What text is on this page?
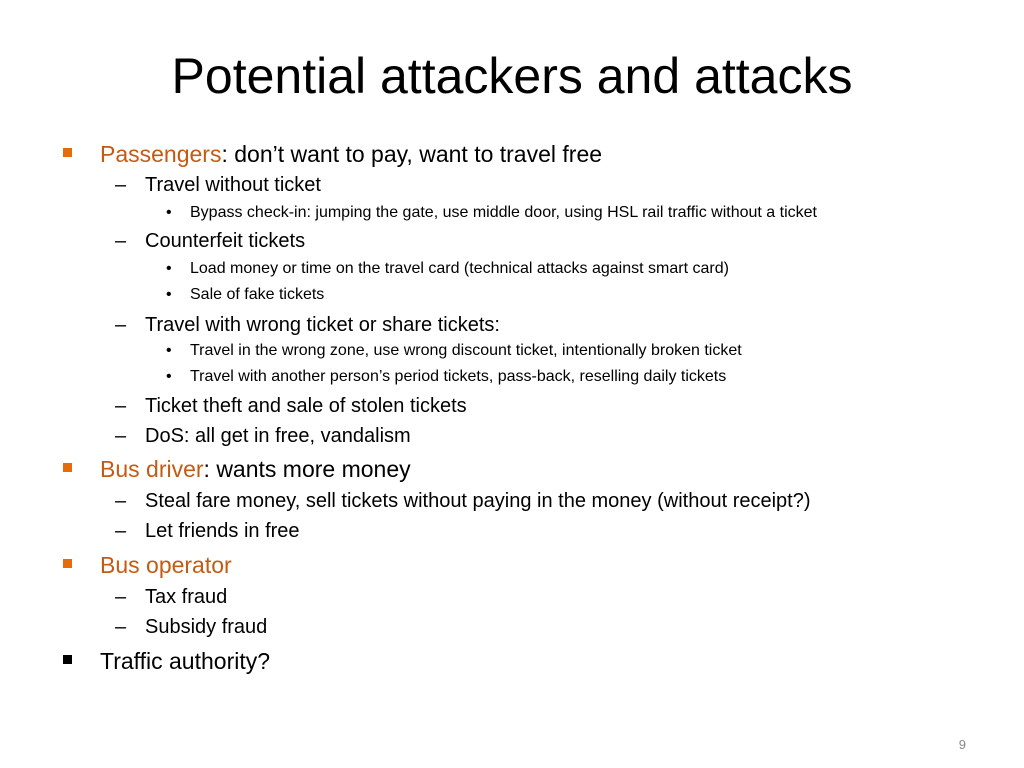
Potential attackers and attacks
Passengers: don’t want to pay, want to travel free
– Travel without ticket
• Bypass check-in: jumping the gate, use middle door, using HSL rail traffic without a ticket
– Counterfeit tickets
• Load money or time on the travel card (technical attacks against smart card)
• Sale of fake tickets
– Travel with wrong ticket or share tickets:
• Travel in the wrong zone, use wrong discount ticket, intentionally broken ticket
• Travel with another person’s period tickets, pass-back, reselling daily tickets
– Ticket theft and sale of stolen tickets
– DoS: all get in free, vandalism
Bus driver: wants more money
– Steal fare money, sell tickets without paying in the money (without receipt?)
– Let friends in free
Bus operator
– Tax fraud
– Subsidy fraud
Traffic authority?
9
